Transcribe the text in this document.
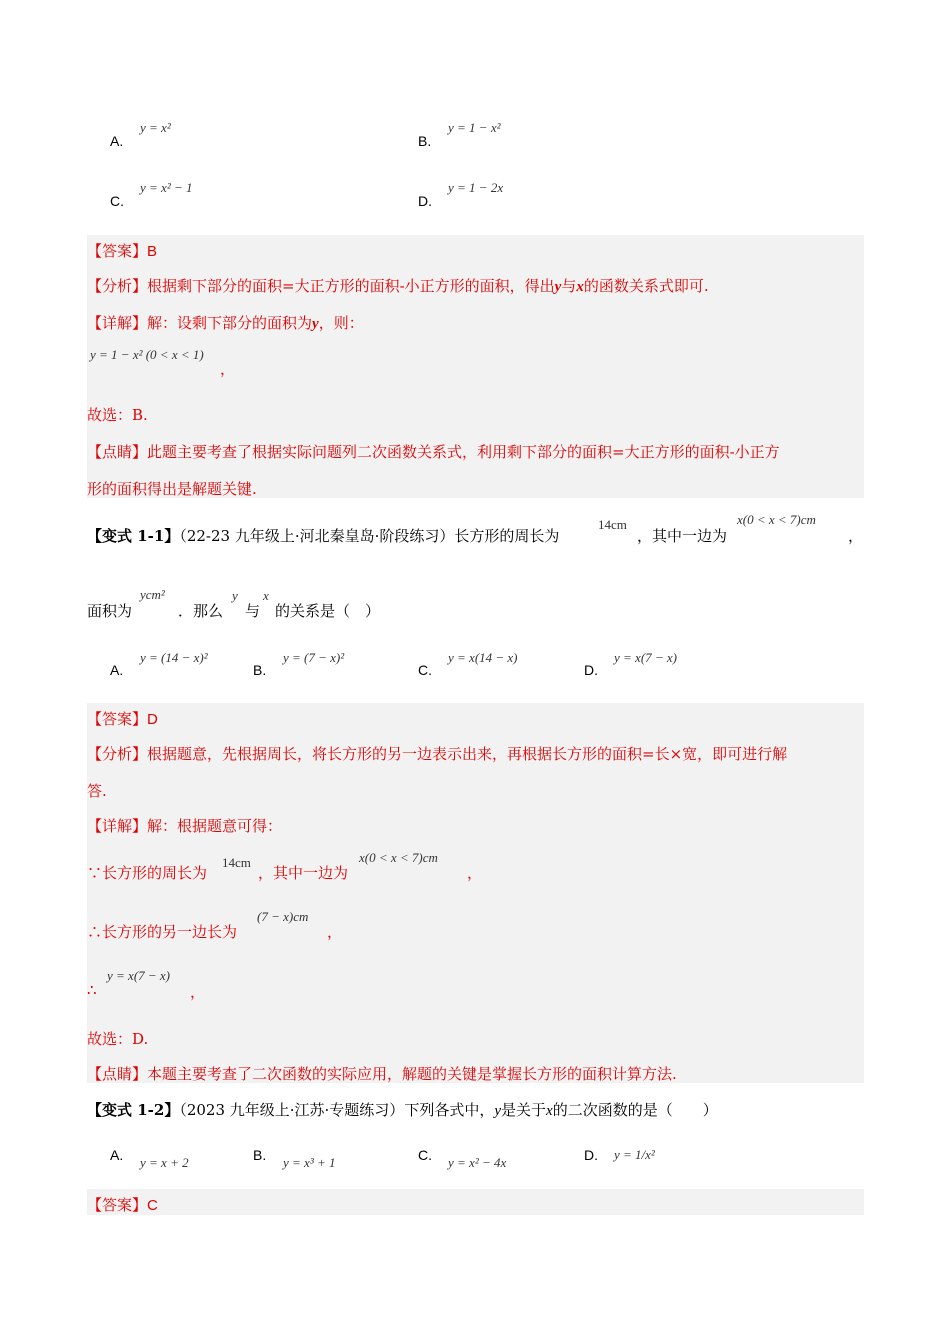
A.
y = x²
B.
y = 1 − x²
C.
y = x² − 1
D.
y = 1 − 2x
【答案】B
【分析】根据剩下部分的面积=大正方形的面积-小正方形的面积，得出y与x的函数关系式即可.
【详解】解：设剩下部分的面积为y，则：
y = 1 − x² (0 < x < 1)
，
故选：B.
【点睛】此题主要考查了根据实际问题列二次函数关系式，利用剩下部分的面积=大正方形的面积-小正方
形的面积得出是解题关键.
【变式 1-1】（22-23 九年级上·河北秦皇岛·阶段练习）长方形的周长为
14cm
，其中一边为
x(0 < x < 7)cm
，
面积为
ycm²
．那么
y
与
x
的关系是（　）
A.
y = (14 − x)²
B.
y = (7 − x)²
C.
y = x(14 − x)
D.
y = x(7 − x)
【答案】D
【分析】根据题意，先根据周长，将长方形的另一边表示出来，再根据长方形的面积=长×宽，即可进行解
答.
【详解】解：根据题意可得：
∵长方形的周长为
14cm
，其中一边为
x(0 < x < 7)cm
，
∴长方形的另一边长为
(7 − x)cm
，
∴
y = x(7 − x)
，
故选：D.
【点睛】本题主要考查了二次函数的实际应用，解题的关键是掌握长方形的面积计算方法.
【变式 1-2】（2023 九年级上·江苏·专题练习）下列各式中，y是关于x的二次函数的是（　　）
A. y = x + 2	B. y = x³ + 1	C. y = x² − 4x	D. y = 1/x²
【答案】C
